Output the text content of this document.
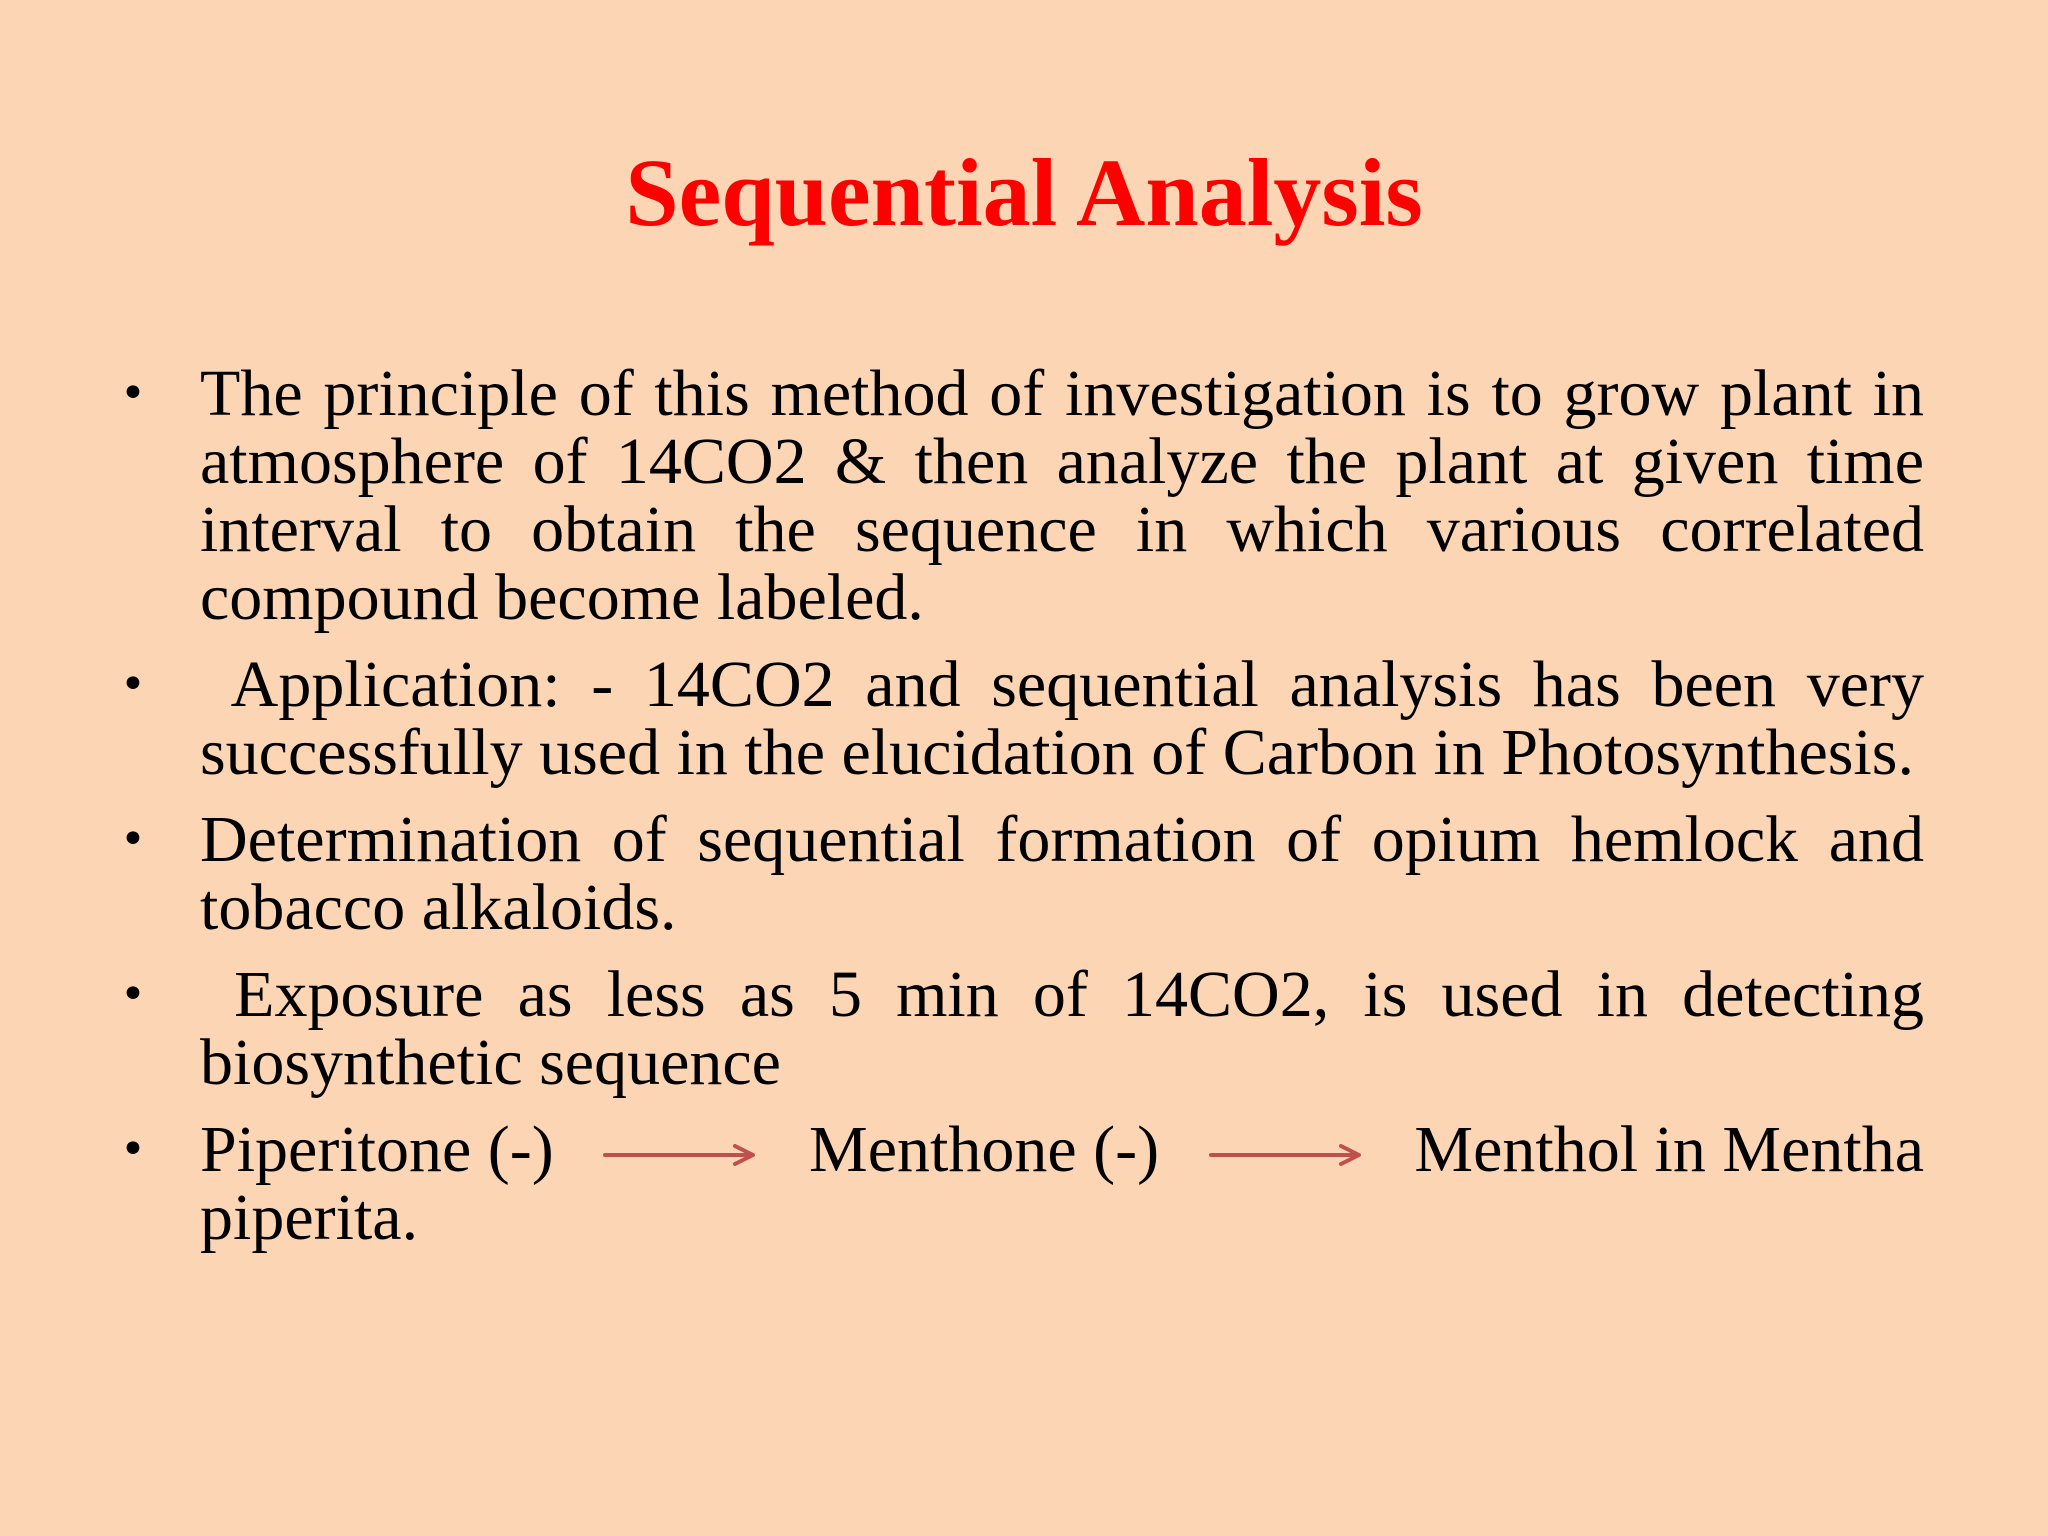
Sequential Analysis
• The principle of this method of investigation is to grow plant in atmosphere of 14CO2 & then analyze the plant at given time interval to obtain the sequence in which various correlated compound become labeled.
• Application: - 14CO2 and sequential analysis has been very successfully used in the elucidation of Carbon in Photosynthesis.
• Determination of sequential formation of opium hemlock and tobacco alkaloids.
• Exposure as less as 5 min of 14CO2, is used in detecting biosynthetic sequence
• Piperitone (-)	Menthone (-)	Menthol in Mentha
piperita.
